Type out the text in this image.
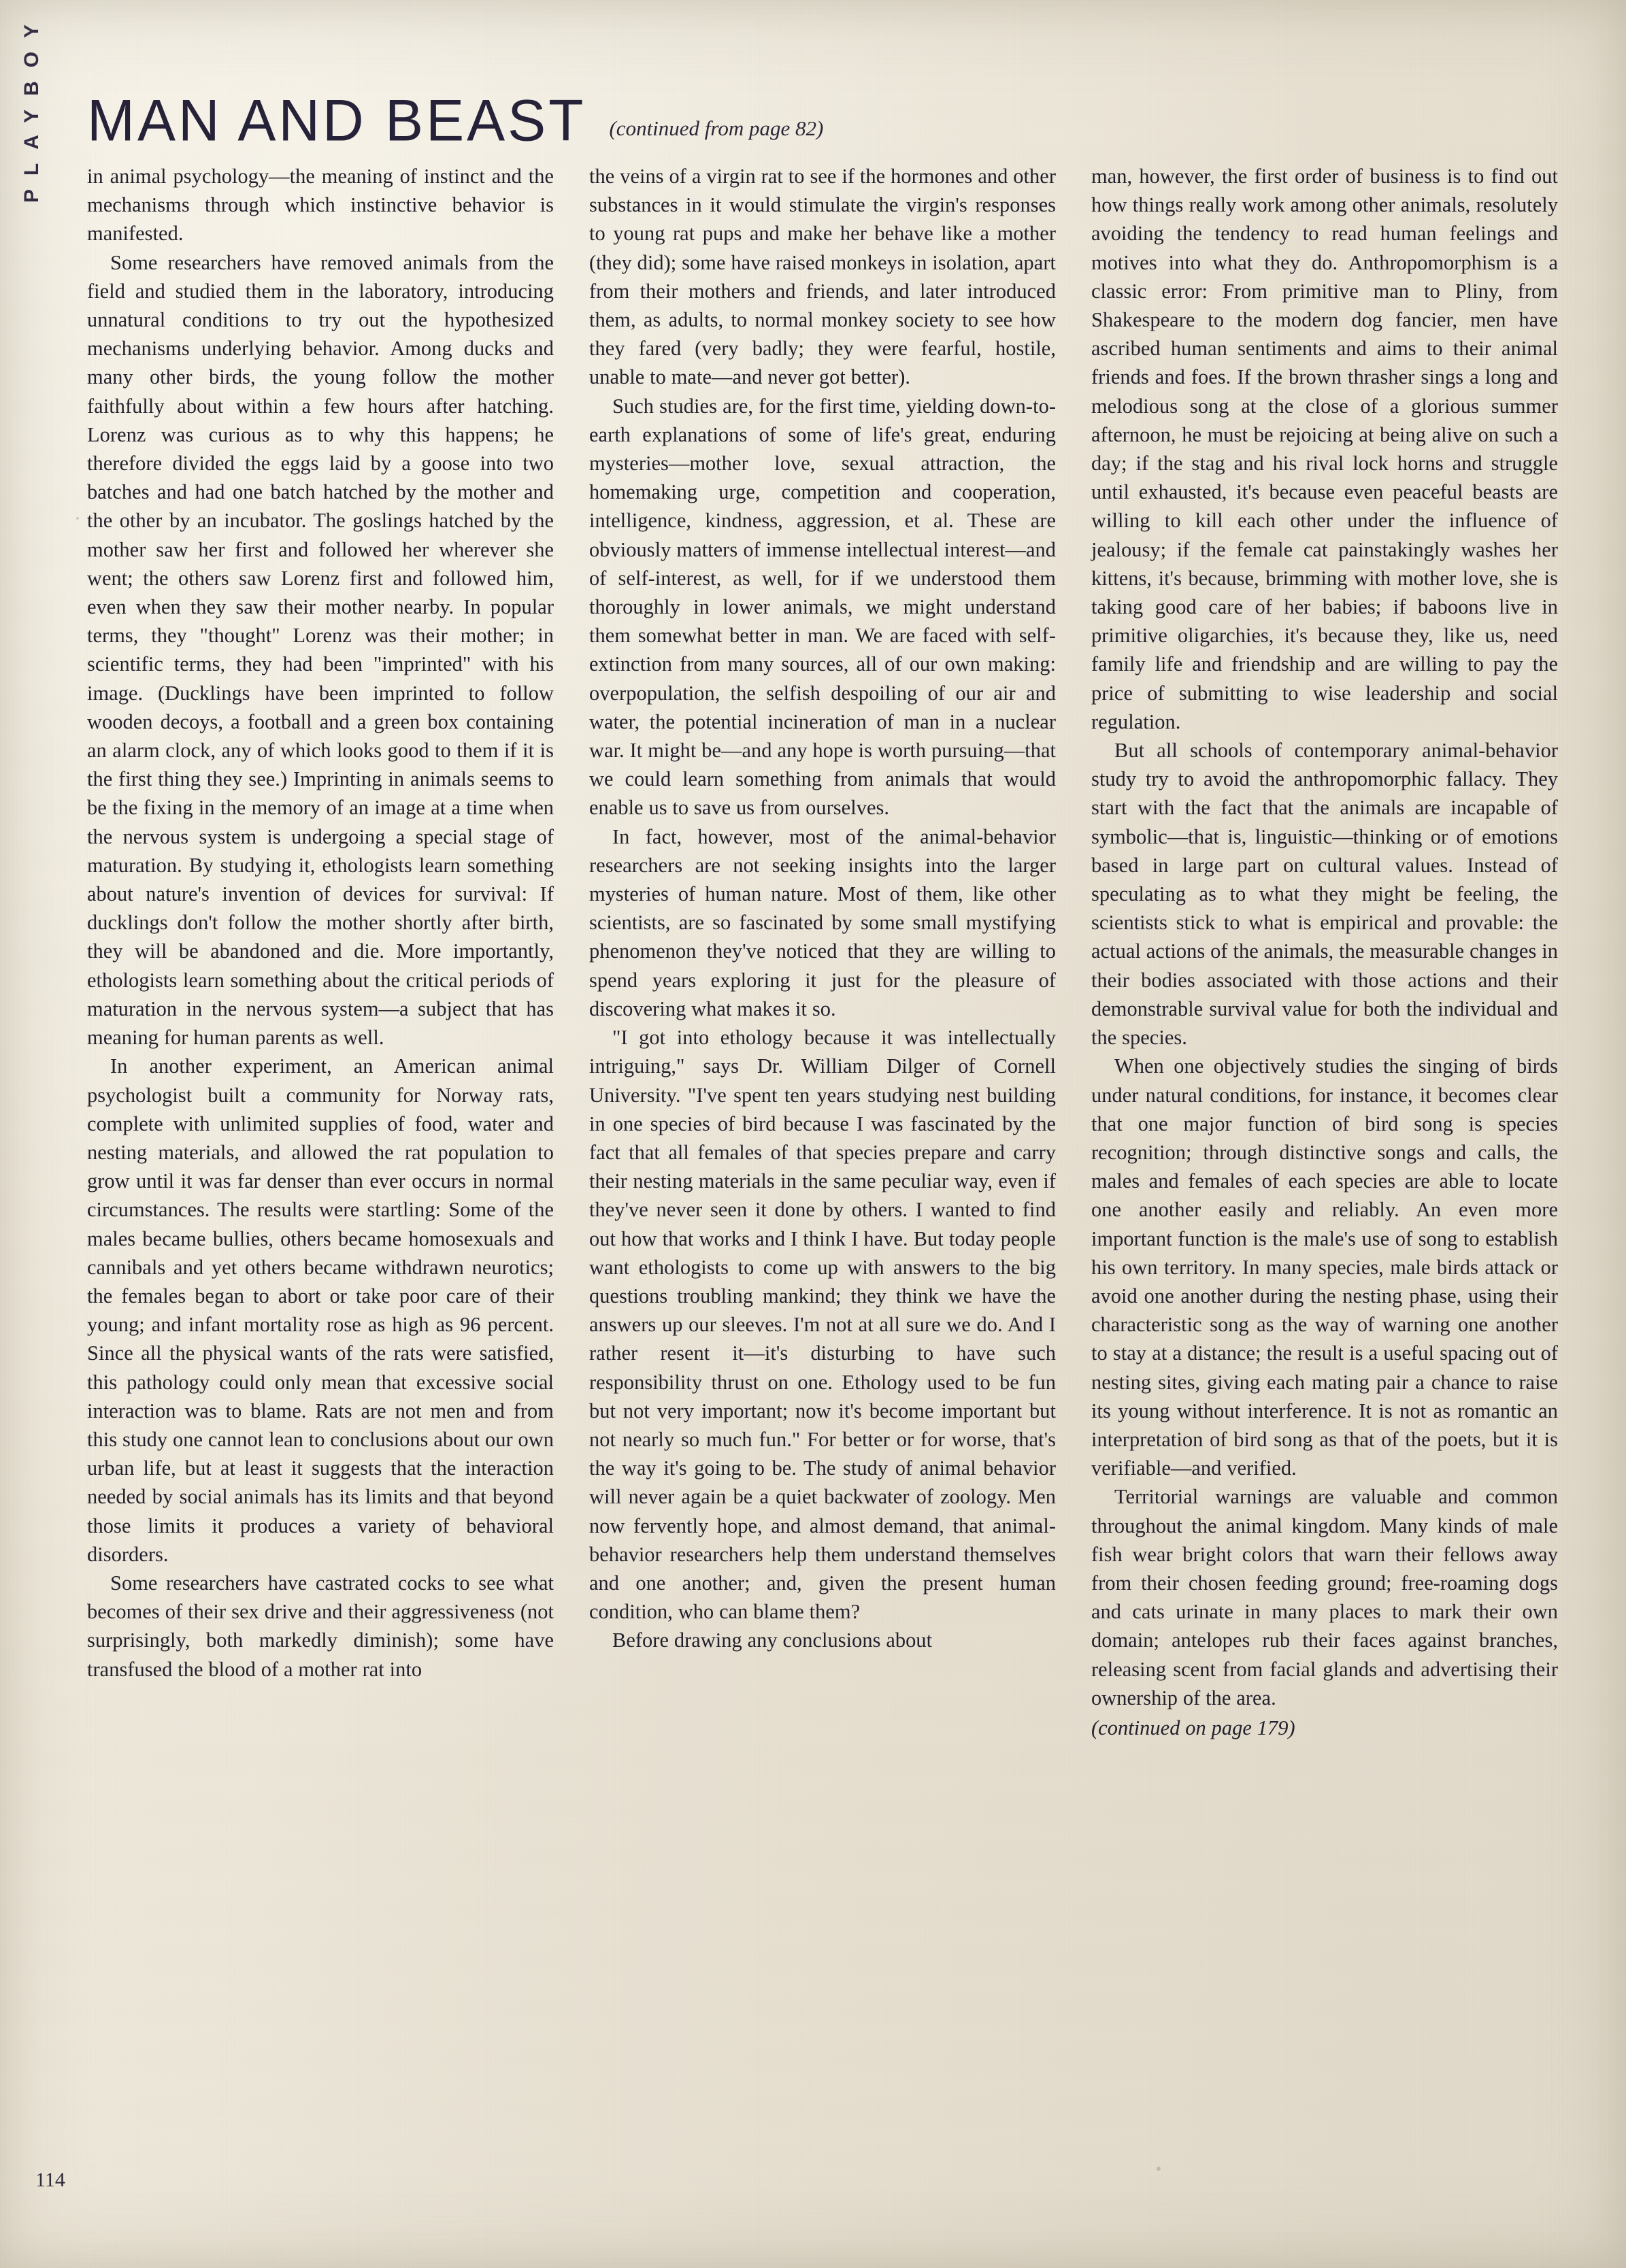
PLAYBOY MAN AND BEAST (continued from page 82)

in animal psychology—the meaning of instinct and the mechanisms through which instinctive behavior is manifested.

Some researchers have removed animals from the field and studied them in the laboratory, introducing unnatural conditions to try out the hypothesized mechanisms underlying behavior. Among ducks and many other birds, the young follow the mother faithfully about within a few hours after hatching. Lorenz was curious as to why this happens; he therefore divided the eggs laid by a goose into two batches and had one batch hatched by the mother and the other by an incubator. The goslings hatched by the mother saw her first and followed her wherever she went; the others saw Lorenz first and followed him, even when they saw their mother nearby. In popular terms, they "thought" Lorenz was their mother; in scientific terms, they had been "imprinted" with his image. (Ducklings have been imprinted to follow wooden decoys, a football and a green box containing an alarm clock, any of which looks good to them if it is the first thing they see.) Imprinting in animals seems to be the fixing in the memory of an image at a time when the nervous system is undergoing a special stage of maturation. By studying it, ethologists learn something about nature's invention of devices for survival: If ducklings don't follow the mother shortly after birth, they will be abandoned and die. More importantly, ethologists learn something about the critical periods of maturation in the nervous system—a subject that has meaning for human parents as well.

In another experiment, an American animal psychologist built a community for Norway rats, complete with unlimited supplies of food, water and nesting materials, and allowed the rat population to grow until it was far denser than ever occurs in normal circumstances. The results were startling: Some of the males became bullies, others became homosexuals and cannibals and yet others became withdrawn neurotics; the females began to abort or take poor care of their young; and infant mortality rose as high as 96 percent. Since all the physical wants of the rats were satisfied, this pathology could only mean that excessive social interaction was to blame. Rats are not men and from this study one cannot lean to conclusions about our own urban life, but at least it suggests that the interaction needed by social animals has its limits and that beyond those limits it produces a variety of behavioral disorders.

Some researchers have castrated cocks to see what becomes of their sex drive and their aggressiveness (not surprisingly, both markedly diminish); some have transfused the blood of a mother rat into

the veins of a virgin rat to see if the hormones and other substances in it would stimulate the virgin's responses to young rat pups and make her behave like a mother (they did); some have raised monkeys in isolation, apart from their mothers and friends, and later introduced them, as adults, to normal monkey society to see how they fared (very badly; they were fearful, hostile, unable to mate—and never got better).

Such studies are, for the first time, yielding down-to-earth explanations of some of life's great, enduring mysteries—mother love, sexual attraction, the homemaking urge, competition and cooperation, intelligence, kindness, aggression, et al. These are obviously matters of immense intellectual interest—and of self-interest, as well, for if we understood them thoroughly in lower animals, we might understand them somewhat better in man. We are faced with self-extinction from many sources, all of our own making: overpopulation, the selfish despoiling of our air and water, the potential incineration of man in a nuclear war. It might be—and any hope is worth pursuing—that we could learn something from animals that would enable us to save us from ourselves.

In fact, however, most of the animal-behavior researchers are not seeking insights into the larger mysteries of human nature. Most of them, like other scientists, are so fascinated by some small mystifying phenomenon they've noticed that they are willing to spend years exploring it just for the pleasure of discovering what makes it so.

"I got into ethology because it was intellectually intriguing," says Dr. William Dilger of Cornell University. "I've spent ten years studying nest building in one species of bird because I was fascinated by the fact that all females of that species prepare and carry their nesting materials in the same peculiar way, even if they've never seen it done by others. I wanted to find out how that works and I think I have. But today people want ethologists to come up with answers to the big questions troubling mankind; they think we have the answers up our sleeves. I'm not at all sure we do. And I rather resent it—it's disturbing to have such responsibility thrust on one. Ethology used to be fun but not very important; now it's become important but not nearly so much fun." For better or for worse, that's the way it's going to be. The study of animal behavior will never again be a quiet backwater of zoology. Men now fervently hope, and almost demand, that animal-behavior researchers help them understand themselves and one another; and, given the present human condition, who can blame them?

Before drawing any conclusions about

man, however, the first order of business is to find out how things really work among other animals, resolutely avoiding the tendency to read human feelings and motives into what they do. Anthropomorphism is a classic error: From primitive man to Pliny, from Shakespeare to the modern dog fancier, men have ascribed human sentiments and aims to their animal friends and foes. If the brown thrasher sings a long and melodious song at the close of a glorious summer afternoon, he must be rejoicing at being alive on such a day; if the stag and his rival lock horns and struggle until exhausted, it's because even peaceful beasts are willing to kill each other under the influence of jealousy; if the female cat painstakingly washes her kittens, it's because, brimming with mother love, she is taking good care of her babies; if baboons live in primitive oligarchies, it's because they, like us, need family life and friendship and are willing to pay the price of submitting to wise leadership and social regulation.

But all schools of contemporary animal-behavior study try to avoid the anthropomorphic fallacy. They start with the fact that the animals are incapable of symbolic—that is, linguistic—thinking or of emotions based in large part on cultural values. Instead of speculating as to what they might be feeling, the scientists stick to what is empirical and provable: the actual actions of the animals, the measurable changes in their bodies associated with those actions and their demonstrable survival value for both the individual and the species.

When one objectively studies the singing of birds under natural conditions, for instance, it becomes clear that one major function of bird song is species recognition; through distinctive songs and calls, the males and females of each species are able to locate one another easily and reliably. An even more important function is the male's use of song to establish his own territory. In many species, male birds attack or avoid one another during the nesting phase, using their characteristic song as the way of warning one another to stay at a distance; the result is a useful spacing out of nesting sites, giving each mating pair a chance to raise its young without interference. It is not as romantic an interpretation of bird song as that of the poets, but it is verifiable—and verified.

Territorial warnings are valuable and common throughout the animal kingdom. Many kinds of male fish wear bright colors that warn their fellows away from their chosen feeding ground; free-roaming dogs and cats urinate in many places to mark their own domain; antelopes rub their faces against branches, releasing scent from facial glands and advertising their ownership of the area.

(continued on page 179)

114
